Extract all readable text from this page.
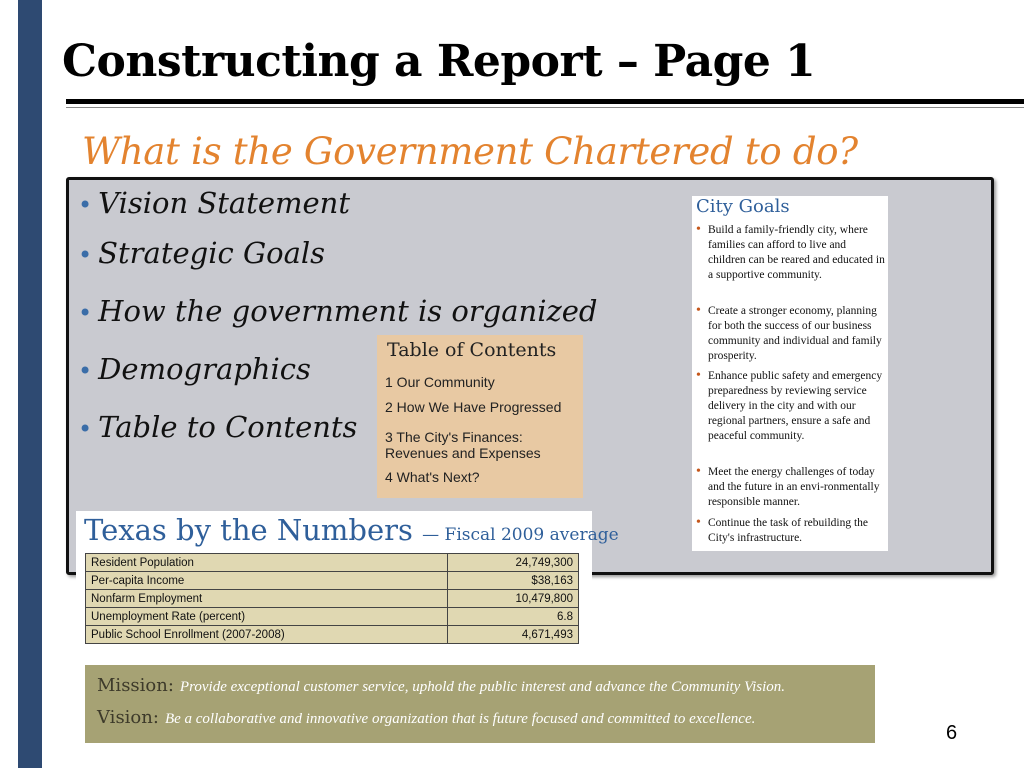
Constructing a Report – Page 1
What is the Government Chartered to do?
• Vision Statement
• Strategic Goals
• How the government is organized
• Demographics
• Table to Contents
City Goals
• Build a family-friendly city, where families can afford to live and children can be reared and educated in a supportive community.
• Create a stronger economy, planning for both the success of our business community and individual and family prosperity.
• Enhance public safety and emergency preparedness by reviewing service delivery in the city and with our regional partners, ensure a safe and peaceful community.
• Meet the energy challenges of today and the future in an envi-ronmentally responsible manner.
• Continue the task of rebuilding the City's infrastructure.
Table of Contents
1 Our Community
2 How We Have Progressed
3 The City's Finances: Revenues and Expenses
4 What's Next?
Texas by the Numbers — Fiscal 2009 average
Resident Population	24,749,300
Per-capita Income	$38,163
Nonfarm Employment	10,479,800
Unemployment Rate (percent)	6.8
Public School Enrollment (2007-2008)	4,671,493
Mission: Provide exceptional customer service, uphold the public interest and advance the Community Vision.
Vision: Be a collaborative and innovative organization that is future focused and committed to excellence.
6
